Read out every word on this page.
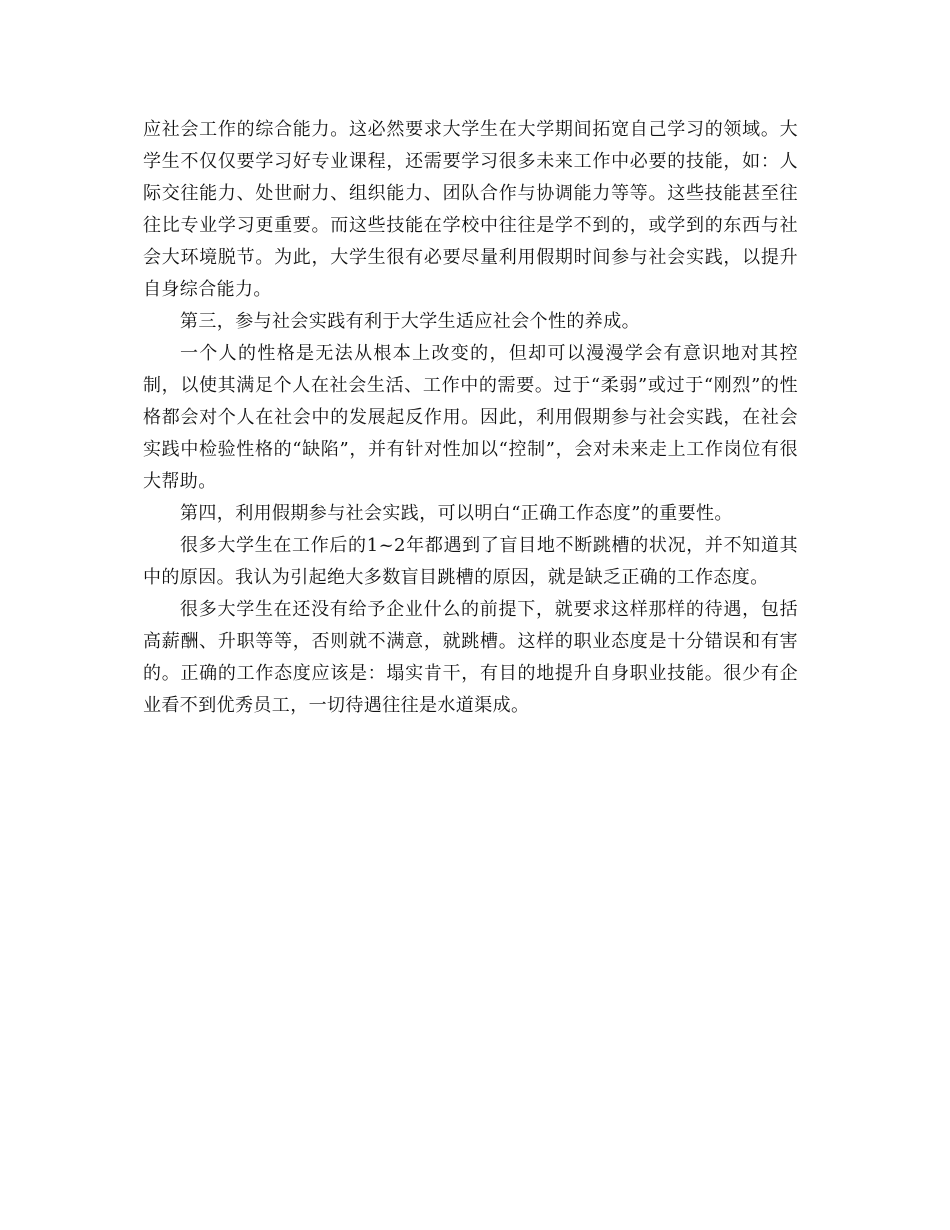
应社会工作的综合能力。这必然要求大学生在大学期间拓宽自己学习的领域。大学生不仅仅要学习好专业课程，还需要学习很多未来工作中必要的技能，如：人际交往能力、处世耐力、组织能力、团队合作与协调能力等等。这些技能甚至往往比专业学习更重要。而这些技能在学校中往往是学不到的，或学到的东西与社会大环境脱节。为此，大学生很有必要尽量利用假期时间参与社会实践，以提升自身综合能力。

第三，参与社会实践有利于大学生适应社会个性的养成。

一个人的性格是无法从根本上改变的，但却可以漫漫学会有意识地对其控制，以使其满足个人在社会生活、工作中的需要。过于“柔弱”或过于“刚烈”的性格都会对个人在社会中的发展起反作用。因此，利用假期参与社会实践，在社会实践中检验性格的“缺陷”，并有针对性加以“控制”，会对未来走上工作岗位有很大帮助。

第四，利用假期参与社会实践，可以明白“正确工作态度”的重要性。

很多大学生在工作后的1~2年都遇到了盲目地不断跳槽的状况，并不知道其中的原因。我认为引起绝大多数盲目跳槽的原因，就是缺乏正确的工作态度。

很多大学生在还没有给予企业什么的前提下，就要求这样那样的待遇，包括高薪酬、升职等等，否则就不满意，就跳槽。这样的职业态度是十分错误和有害的。正确的工作态度应该是：塌实肯干，有目的地提升自身职业技能。很少有企业看不到优秀员工，一切待遇往往是水道渠成。
